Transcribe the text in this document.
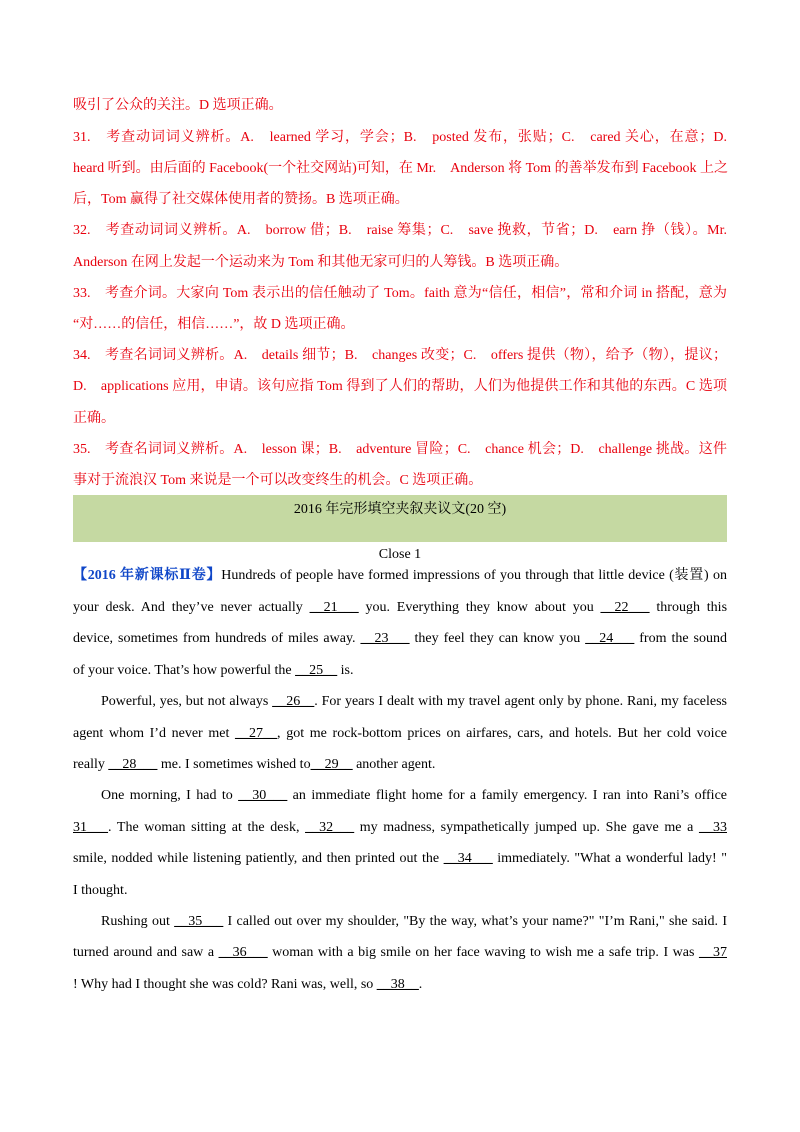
吸引了公众的关注。D 选项正确。
31.　考查动词词义辨析。A.　learned 学习，学会；B.　posted 发布，张贴；C.　cared 关心，在意；D.
heard 听到。由后面的 Facebook(一个社交网站)可知，在 Mr.　Anderson 将 Tom 的善举发布到 Facebook 上之
后，Tom 赢得了社交媒体使用者的赞扬。B 选项正确。
32.　考查动词词义辨析。A.　borrow 借；B.　raise 筹集；C.　save 挽救，节省；D.　earn 挣（钱）。Mr.
Anderson 在网上发起一个运动来为 Tom 和其他无家可归的人筹钱。B 选项正确。
33.　考查介词。大家向 Tom 表示出的信任触动了 Tom。faith 意为“信任，相信”，常和介词 in 搭配，意为
“对……的信任，相信……”，故 D 选项正确。
34.　考查名词词义辨析。A.　details 细节；B.　changes 改变；C.　offers 提供（物），给予（物），提议；
D.　applications 应用，申请。该句应指 Tom 得到了人们的帮助，人们为他提供工作和其他的东西。C 选项
正确。
35.　考查名词词义辨析。A.　lesson 课；B.　adventure 冒险；C.　chance 机会；D.　challenge 挑战。这件
事对于流浪汉 Tom 来说是一个可以改变终生的机会。C 选项正确。
2016 年完形填空夹叙夹议文(20 空)
Close 1
【2016 年新课标Ⅱ卷】Hundreds of people have formed impressions of you through that little device (装置) on
your desk. And they’ve never actually __21___ you. Everything they know about you __22___ through this
device, sometimes from hundreds of miles away. __23___ they feel they can know you __24___ from the sound
of your voice. That’s how powerful the __25__ is.
Powerful, yes, but not always __26__. For years I dealt with my travel agent only by phone. Rani, my faceless
agent whom I’d never met __27__, got me rock-bottom prices on airfares, cars, and hotels. But her cold voice
really __28___ me. I sometimes wished to__29__ another agent.
One morning, I had to __30___ an immediate flight home for a family emergency. I ran into Rani’s office
31___. The woman sitting at the desk, __32___ my madness, sympathetically jumped up. She gave me a __33
smile, nodded while listening patiently, and then printed out the __34___ immediately. "What a wonderful lady! "
I thought.
Rushing out __35___ I called out over my shoulder, "By the way, what’s your name?" "I’m Rani," she said. I
turned around and saw a __36___ woman with a big smile on her face waving to wish me a safe trip. I was __37
! Why had I thought she was cold? Rani was, well, so __38__.
